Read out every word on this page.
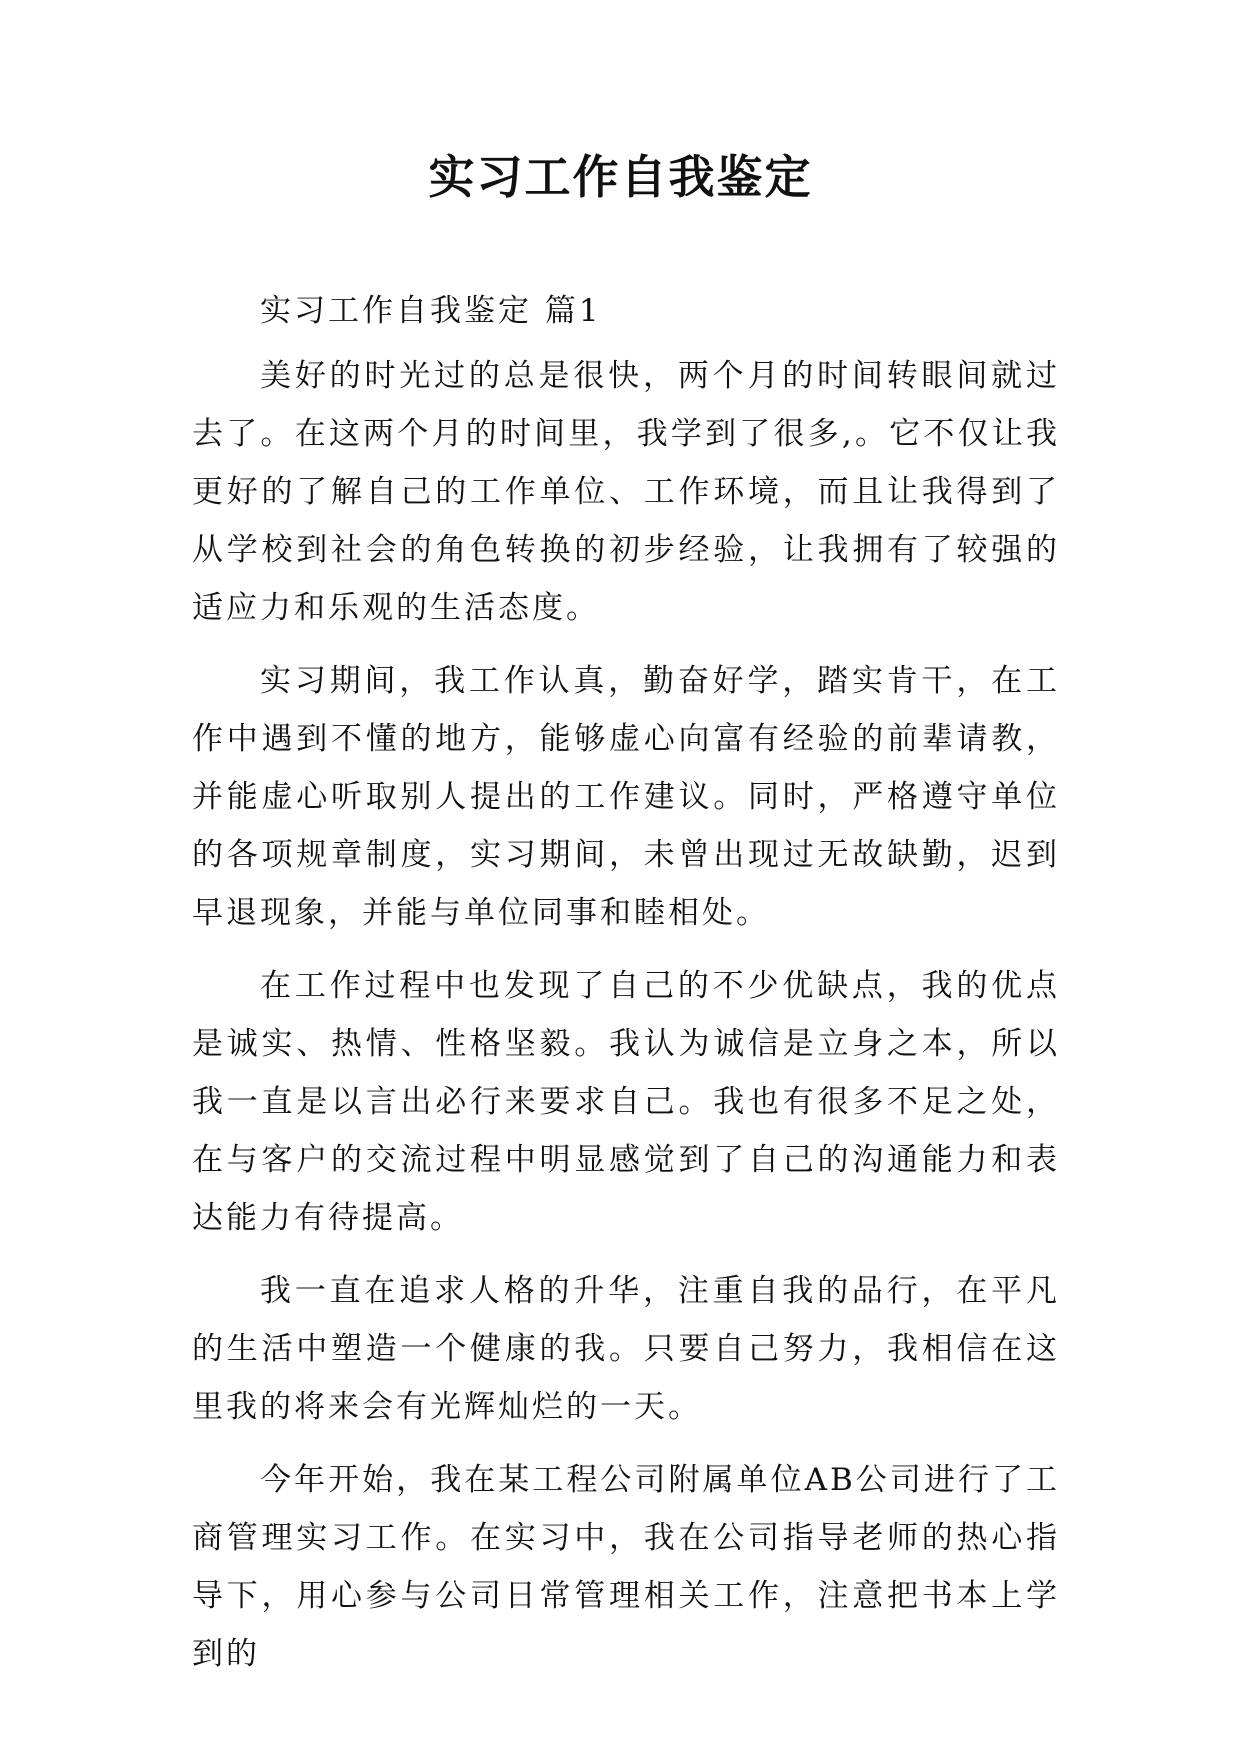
实习工作自我鉴定

实习工作自我鉴定 篇1

美好的时光过的总是很快，两个月的时间转眼间就过去了。在这两个月的时间里，我学到了很多,。它不仅让我更好的了解自己的工作单位、工作环境，而且让我得到了从学校到社会的角色转换的初步经验，让我拥有了较强的适应力和乐观的生活态度。

实习期间，我工作认真，勤奋好学，踏实肯干，在工作中遇到不懂的地方，能够虚心向富有经验的前辈请教，并能虚心听取别人提出的工作建议。同时，严格遵守单位的各项规章制度，实习期间，未曾出现过无故缺勤，迟到早退现象，并能与单位同事和睦相处。

在工作过程中也发现了自己的不少优缺点，我的优点是诚实、热情、性格坚毅。我认为诚信是立身之本，所以我一直是以言出必行来要求自己。我也有很多不足之处，在与客户的交流过程中明显感觉到了自己的沟通能力和表达能力有待提高。

我一直在追求人格的升华，注重自我的品行，在平凡的生活中塑造一个健康的我。只要自己努力，我相信在这里我的将来会有光辉灿烂的一天。

今年开始，我在某工程公司附属单位AB公司进行了工商管理实习工作。在实习中，我在公司指导老师的热心指导下，用心参与公司日常管理相关工作，注意把书本上学到的
